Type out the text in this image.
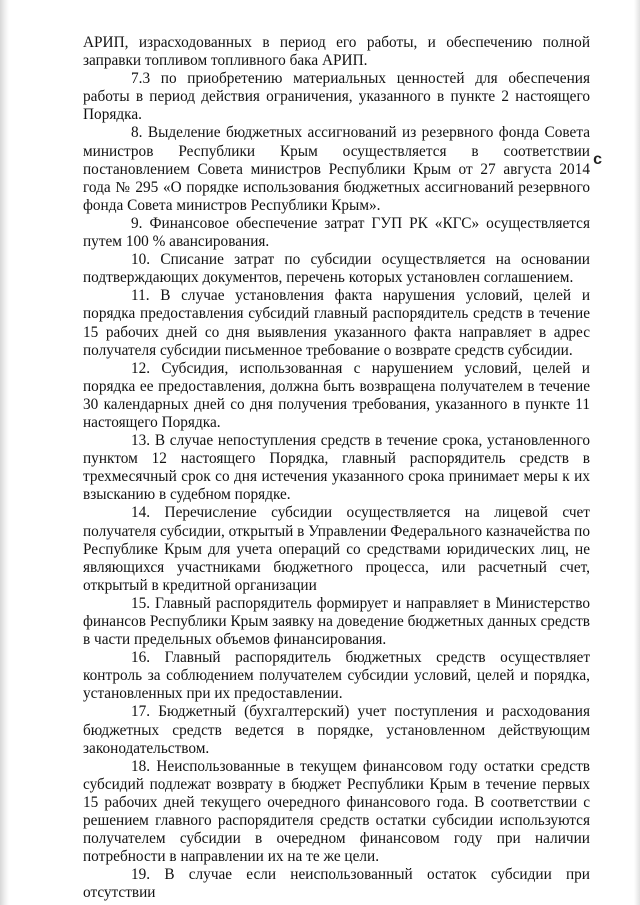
АРИП, израсходованных в период его работы, и обеспечению полной заправки топливом топливного бака АРИП.

7.3 по приобретению материальных ценностей для обеспечения работы в период действия ограничения, указанного в пункте 2 настоящего Порядка.

8. Выделение бюджетных ассигнований из резервного фонда Совета министров Республики Крым осуществляется в соответствии постановлением Совета министров Республики Крым от 27 августа 2014 года № 295 «О порядке использования бюджетных ассигнований резервного фонда Совета министров Республики Крым».

9. Финансовое обеспечение затрат ГУП РК «КГС» осуществляется путем 100 % авансирования.

10. Списание затрат по субсидии осуществляется на основании подтверждающих документов, перечень которых установлен соглашением.

11. В случае установления факта нарушения условий, целей и порядка предоставления субсидий главный распорядитель средств в течение 15 рабочих дней со дня выявления указанного факта направляет в адрес получателя субсидии письменное требование о возврате средств субсидии.

12. Субсидия, использованная с нарушением условий, целей и порядка ее предоставления, должна быть возвращена получателем в течение 30 календарных дней со дня получения требования, указанного в пункте 11 настоящего Порядка.

13. В случае непоступления средств в течение срока, установленного пунктом 12 настоящего Порядка, главный распорядитель средств в трехмесячный срок со дня истечения указанного срока принимает меры к их взысканию в судебном порядке.

14. Перечисление субсидии осуществляется на лицевой счет получателя субсидии, открытый в Управлении Федерального казначейства по Республике Крым для учета операций со средствами юридических лиц, не являющихся участниками бюджетного процесса, или расчетный счет, открытый в кредитной организации

15. Главный распорядитель формирует и направляет в Министерство финансов Республики Крым заявку на доведение бюджетных данных средств в части предельных объемов финансирования.

16. Главный распорядитель бюджетных средств осуществляет контроль за соблюдением получателем субсидии условий, целей и порядка, установленных при их предоставлении.

17. Бюджетный (бухгалтерский) учет поступления и расходования бюджетных средств ведется в порядке, установленном действующим законодательством.

18. Неиспользованные в текущем финансовом году остатки средств субсидий подлежат возврату в бюджет Республики Крым в течение первых 15 рабочих дней текущего очередного финансового года. В соответствии с решением главного распорядителя средств остатки субсидии используются получателем субсидии в очередном финансовом году при наличии потребности в направлении их на те же цели.

19. В случае если неиспользованный остаток субсидии при отсутствии

с
